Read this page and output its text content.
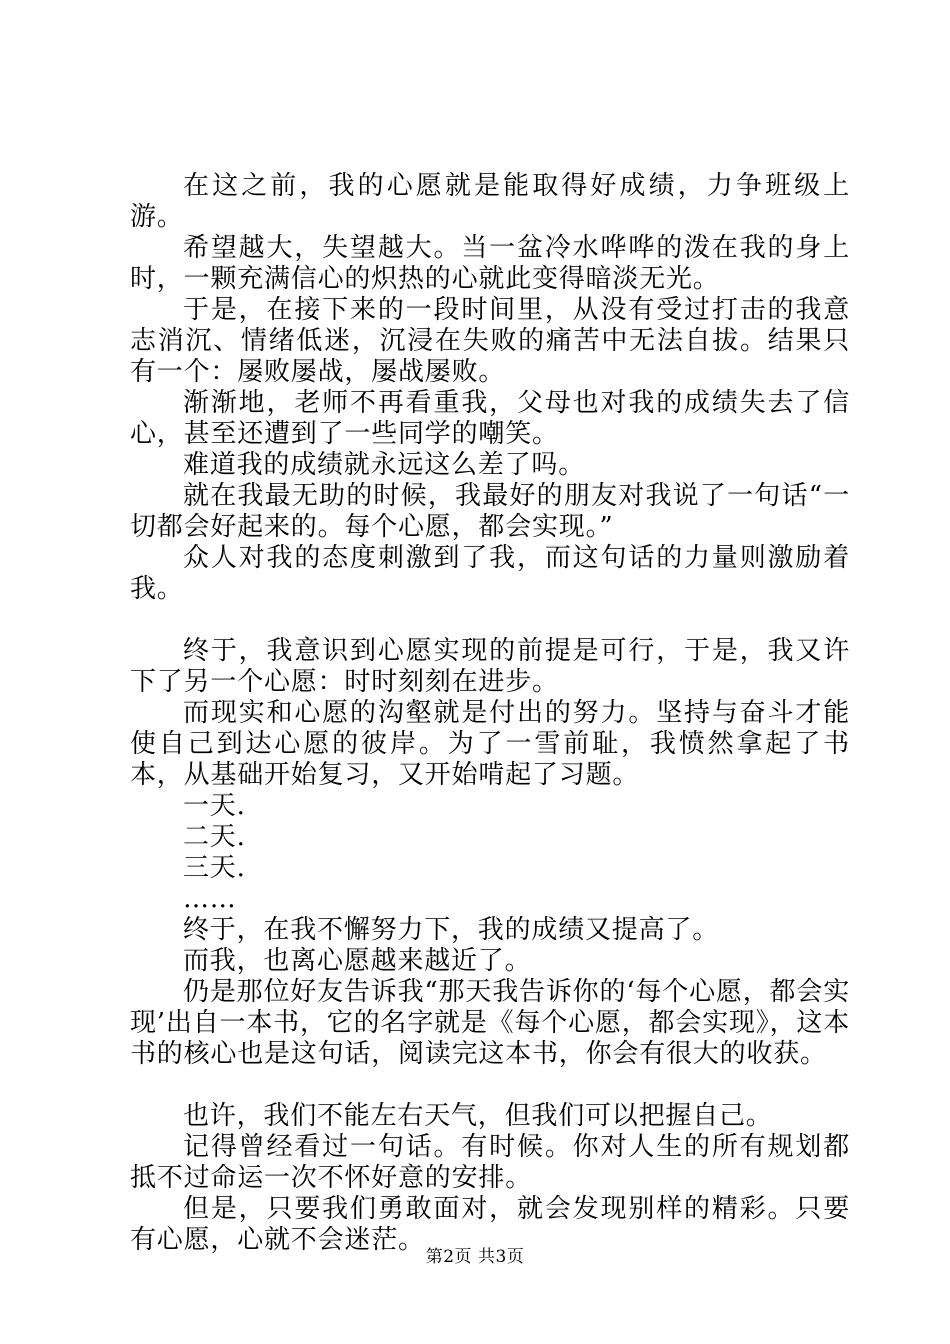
在这之前，我的心愿就是能取得好成绩，力争班级上游。

希望越大，失望越大。当一盆冷水哗哗的泼在我的身上时，一颗充满信心的炽热的心就此变得暗淡无光。

于是，在接下来的一段时间里，从没有受过打击的我意志消沉、情绪低迷，沉浸在失败的痛苦中无法自拔。结果只有一个：屡败屡战，屡战屡败。

渐渐地，老师不再看重我，父母也对我的成绩失去了信心，甚至还遭到了一些同学的嘲笑。

难道我的成绩就永远这么差了吗。

就在我最无助的时候，我最好的朋友对我说了一句话“一切都会好起来的。每个心愿，都会实现。”

众人对我的态度刺激到了我，而这句话的力量则激励着我。

终于，我意识到心愿实现的前提是可行，于是，我又许下了另一个心愿：时时刻刻在进步。

而现实和心愿的沟壑就是付出的努力。坚持与奋斗才能使自己到达心愿的彼岸。为了一雪前耻，我愤然拿起了书本，从基础开始复习，又开始啃起了习题。

一天.

二天.

三天.

……

终于，在我不懈努力下，我的成绩又提高了。

而我，也离心愿越来越近了。

仍是那位好友告诉我“那天我告诉你的‘每个心愿，都会实现’出自一本书，它的名字就是《每个心愿，都会实现》，这本书的核心也是这句话，阅读完这本书，你会有很大的收获。

也许，我们不能左右天气，但我们可以把握自己。

记得曾经看过一句话。有时候。你对人生的所有规划都抵不过命运一次不怀好意的安排。

但是，只要我们勇敢面对，就会发现别样的精彩。只要有心愿，心就不会迷茫。

第2页 共3页
